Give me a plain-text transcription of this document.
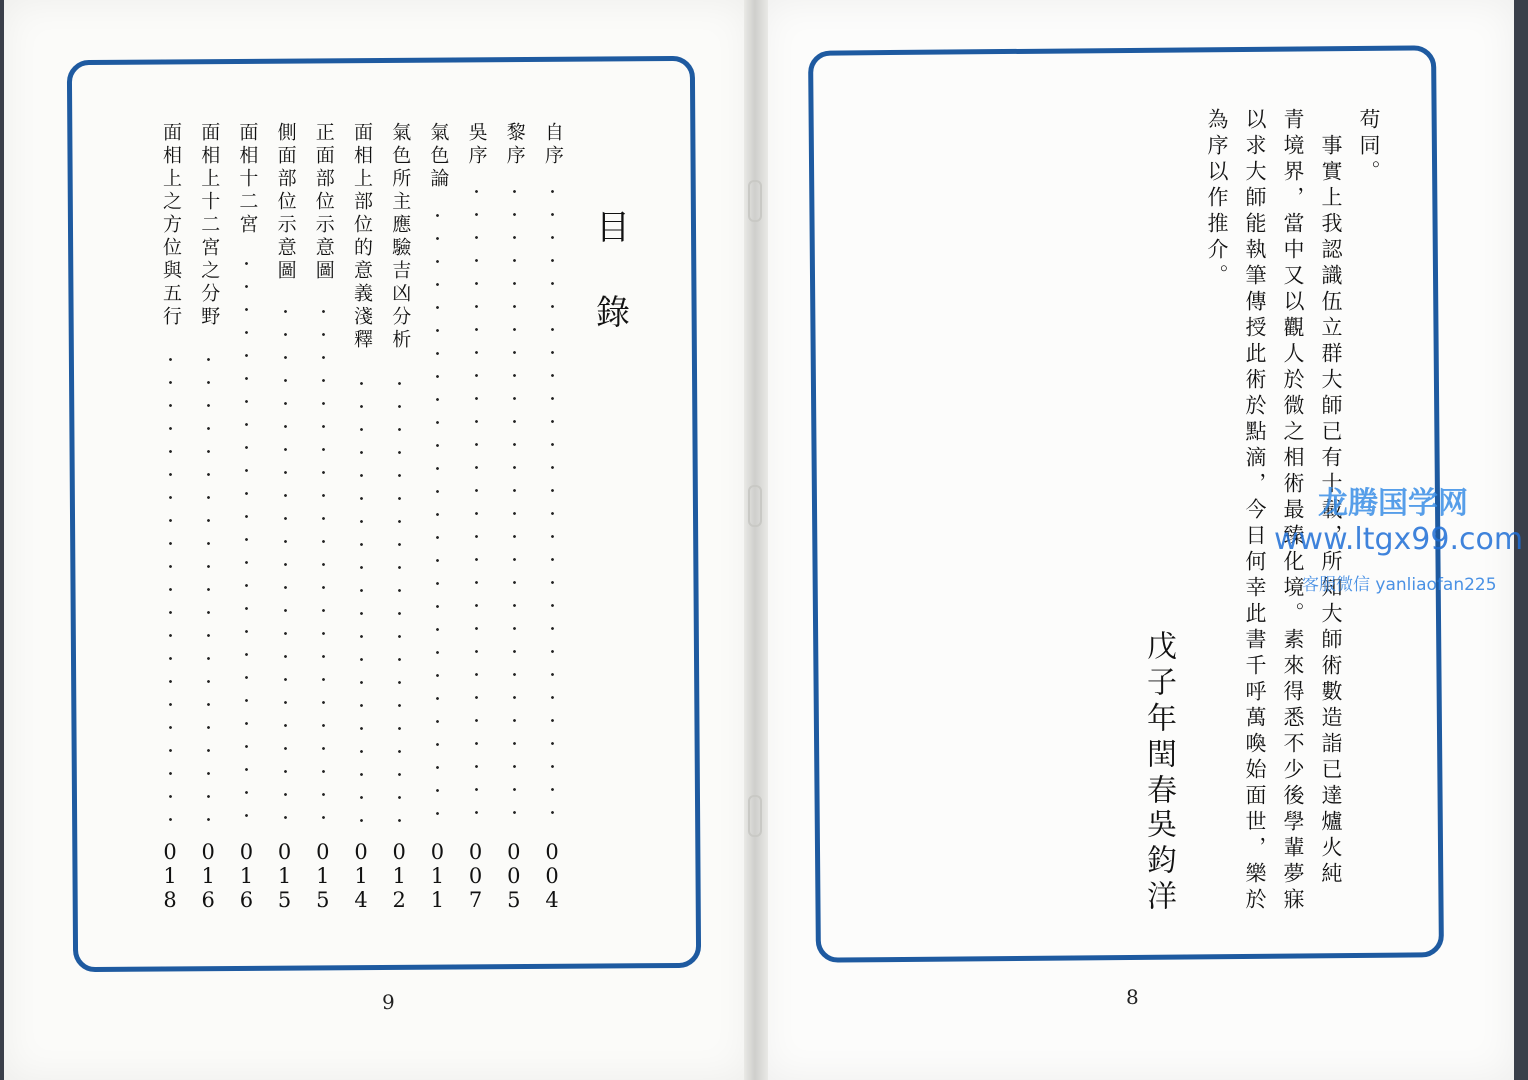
目
錄
自序
004
黎序
005
吳序
007
氣色論
011
氣色所主應驗吉凶分析
012
面相上部位的意義淺釋
014
正面部位示意圖
015
側面部位示意圖
015
面相十二宮
016
面相上十二宮之分野
016
面相上之方位與五行
018
9
苟同。
　事實上我認識伍立群大師已有十載，所知大師術數造詣已達爐火純
青境界，當中又以觀人於微之相術最臻化境。素來得悉不少後學輩夢寐
以求大師能執筆傳授此術於點滴，今日何幸此書千呼萬喚始面世，樂於
為序以作推介。
戊子年閏春
吳鈞洋
8
龙腾国学网
www.ltgx99.com
客服微信 yanliaofan225
